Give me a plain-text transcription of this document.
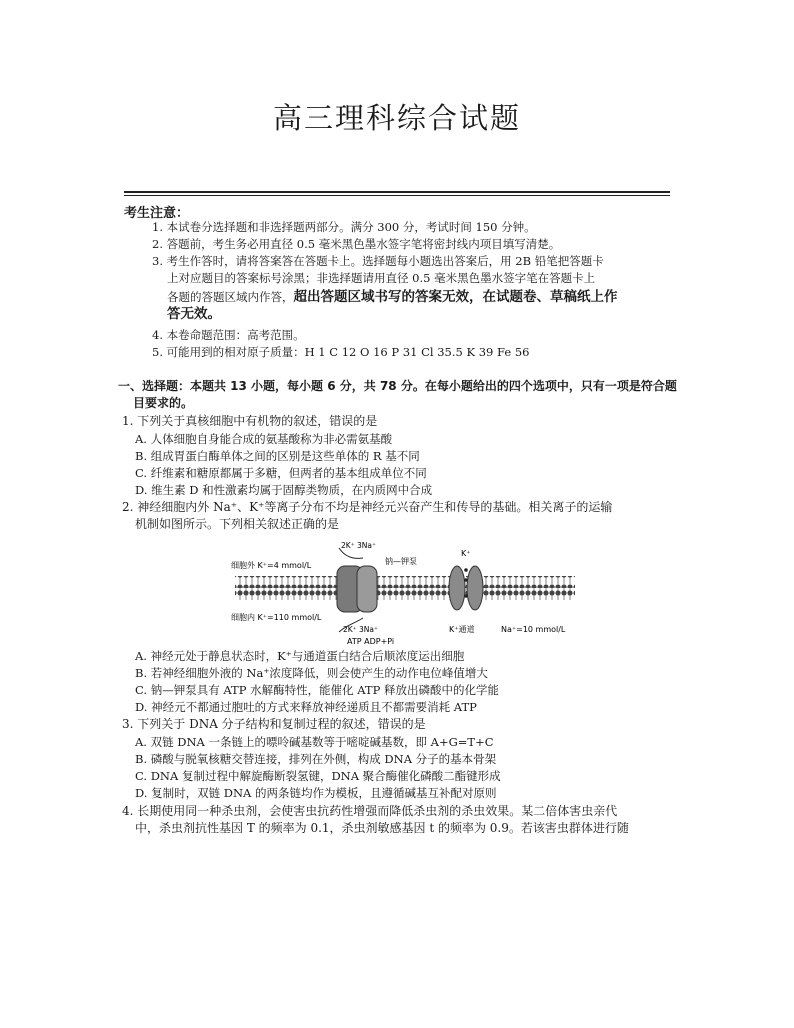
高三理科综合试题
考生注意：
1. 本试卷分选择题和非选择题两部分。满分 300 分，考试时间 150 分钟。
2. 答题前，考生务必用直径 0.5 毫米黑色墨水签字笔将密封线内项目填写清楚。
3. 考生作答时，请将答案答在答题卡上。选择题每小题选出答案后，用 2B 铅笔把答题卡
上对应题目的答案标号涂黑；非选择题请用直径 0.5 毫米黑色墨水签字笔在答题卡上
各题的答题区域内作答，超出答题区域书写的答案无效，在试题卷、草稿纸上作
答无效。
4. 本卷命题范围：高考范围。
5. 可能用到的相对原子质量：H 1 C 12 O 16 P 31 Cl 35.5 K 39 Fe 56
一、选择题：本题共 13 小题，每小题 6 分，共 78 分。在每小题给出的四个选项中，只有一项是符合题
目要求的。
1. 下列关于真核细胞中有机物的叙述，错误的是
A. 人体细胞自身能合成的氨基酸称为非必需氨基酸
B. 组成胃蛋白酶单体之间的区别是这些单体的 R 基不同
C. 纤维素和糖原都属于多糖，但两者的基本组成单位不同
D. 维生素 D 和性激素均属于固醇类物质，在内质网中合成
2. 神经细胞内外 Na⁺、K⁺等离子分布不均是神经元兴奋产生和传导的基础。相关离子的运输
机制如图所示。下列相关叙述正确的是
细胞外 K⁺=4 mmol/L
细胞内 K⁺=110 mmol/L
2K⁺ 3Na⁺
钠—钾泵
K⁺
2K⁺ 3Na⁺
ATP ADP+Pi
K⁺通道	Na⁺=10 mmol/L
A. 神经元处于静息状态时，K⁺与通道蛋白结合后顺浓度运出细胞
B. 若神经细胞外液的 Na⁺浓度降低，则会使产生的动作电位峰值增大
C. 钠—钾泵具有 ATP 水解酶特性，能催化 ATP 释放出磷酸中的化学能
D. 神经元不都通过胞吐的方式来释放神经递质且不都需要消耗 ATP
3. 下列关于 DNA 分子结构和复制过程的叙述，错误的是
A. 双链 DNA 一条链上的嘌呤碱基数等于嘧啶碱基数，即 A+G=T+C
B. 磷酸与脱氧核糖交替连接，排列在外侧，构成 DNA 分子的基本骨架
C. DNA 复制过程中解旋酶断裂氢键，DNA 聚合酶催化磷酸二酯键形成
D. 复制时，双链 DNA 的两条链均作为模板，且遵循碱基互补配对原则
4. 长期使用同一种杀虫剂，会使害虫抗药性增强而降低杀虫剂的杀虫效果。某二倍体害虫亲代
中，杀虫剂抗性基因 T 的频率为 0.1，杀虫剂敏感基因 t 的频率为 0.9。若该害虫群体进行随
